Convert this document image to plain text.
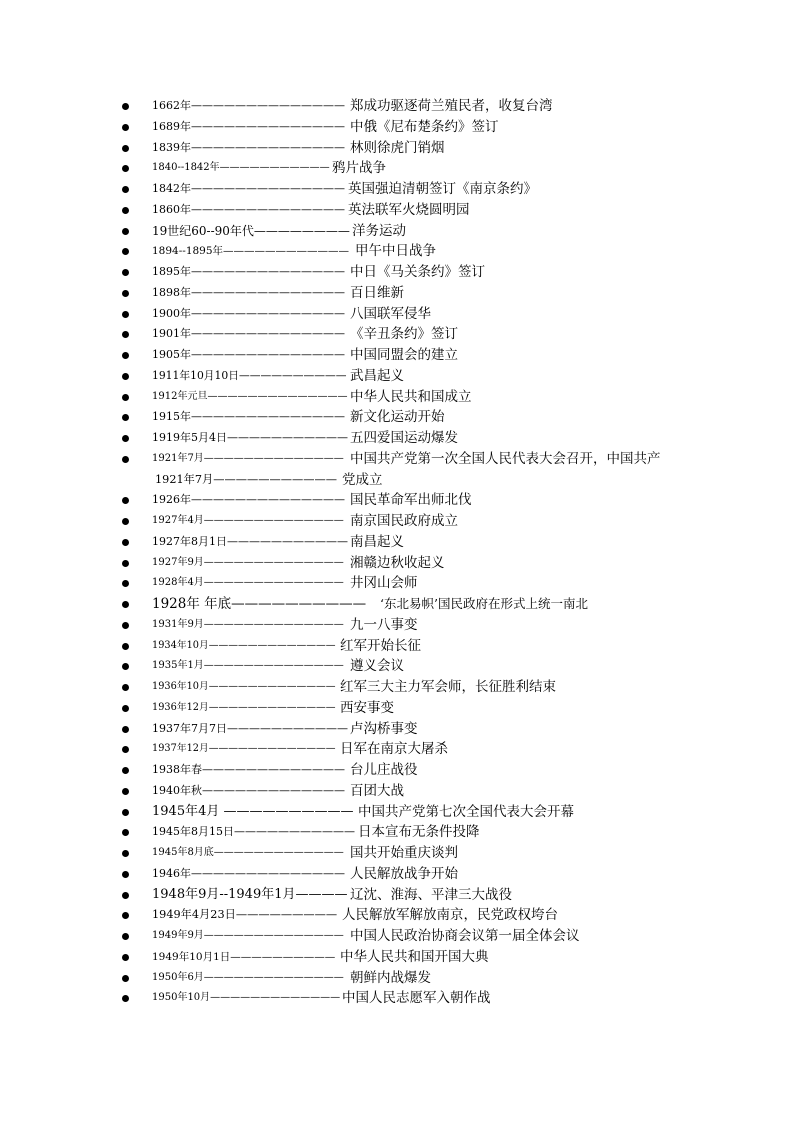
1662年—————————————— 郑成功驱逐荷兰殖民者，收复台湾
1689年—————————————— 中俄《尼布楚条约》签订
1839年—————————————— 林则徐虎门销烟
1840--1842年——————————— 鸦片战争
1842年—————————————— 英国强迫清朝签订《南京条约》
1860年—————————————— 英法联军火烧圆明园
19世纪60--90年代———————— 洋务运动
1894--1895年———————————— 甲午中日战争
1895年—————————————— 中日《马关条约》签订
1898年—————————————— 百日维新
1900年—————————————— 八国联军侵华
1901年—————————————— 《辛丑条约》签订
1905年—————————————— 中国同盟会的建立
1911年10月10日—————————— 武昌起义
1912年元旦—————————————— 中华人民共和国成立
1915年—————————————— 新文化运动开始
1919年5月4日——————————— 五四爱国运动爆发
1921年7月—————————————— 中国共产党第一次全国人民代表大会召开，中国共产
1921年7月——————————— 党成立
1926年—————————————— 国民革命军出师北伐
1927年4月—————————————— 南京国民政府成立
1927年8月1日——————————— 南昌起义
1927年9月—————————————— 湘赣边秋收起义
1928年4月—————————————— 井冈山会师
1928年 年底—————————— ‘东北易帜’国民政府在形式上统一南北
1931年9月—————————————— 九一八事变
1934年10月————————————— 红军开始长征
1935年1月—————————————— 遵义会议
1936年10月————————————— 红军三大主力军会师，长征胜利结束
1936年12月————————————— 西安事变
1937年7月7日——————————— 卢沟桥事变
1937年12月————————————— 日军在南京大屠杀
1938年春————————————— 台儿庄战役
1940年秋————————————— 百团大战
1945年4月 —————————— 中国共产党第七次全国代表大会开幕
1945年8月15日——————————— 日本宣布无条件投降
1945年8月底————————————— 国共开始重庆谈判
1946年—————————————— 人民解放战争开始
1948年9月--1949年1月———— 辽沈、淮海、平津三大战役
1949年4月23日————————— 人民解放军解放南京，民党政权垮台
1949年9月—————————————— 中国人民政治协商会议第一届全体会议
1949年10月1日—————————— 中华人民共和国开国大典
1950年6月—————————————— 朝鲜内战爆发
1950年10月————————————— 中国人民志愿军入朝作战
